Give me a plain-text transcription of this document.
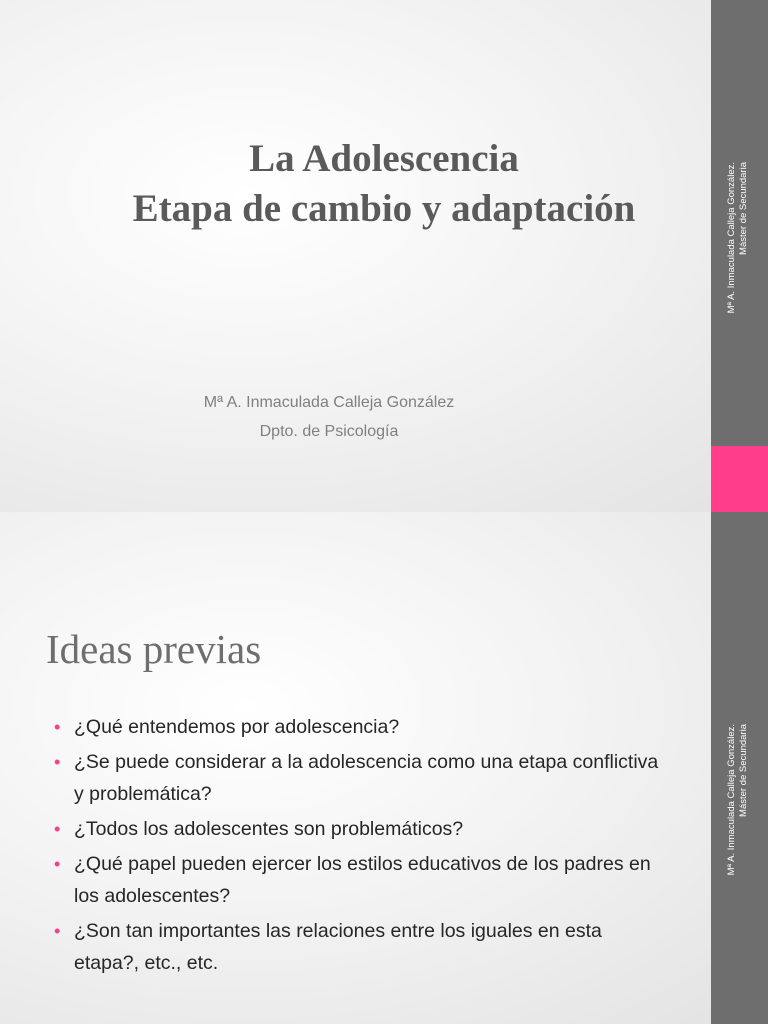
Mª A. Inmaculada Calleja González. Máster de Secundaria
La Adolescencia
Etapa de cambio y adaptación
Mª A. Inmaculada Calleja González
Dpto. de Psicología
Mª A. Inmaculada Calleja González. Máster de Secundaria
Ideas previas
• ¿Qué entendemos por adolescencia?
• ¿Se puede considerar a la adolescencia como una etapa conflictiva y problemática?
• ¿Todos los adolescentes son problemáticos?
• ¿Qué papel pueden ejercer los estilos educativos de los padres en los adolescentes?
• ¿Son tan importantes las relaciones entre los iguales en esta etapa?, etc., etc.
